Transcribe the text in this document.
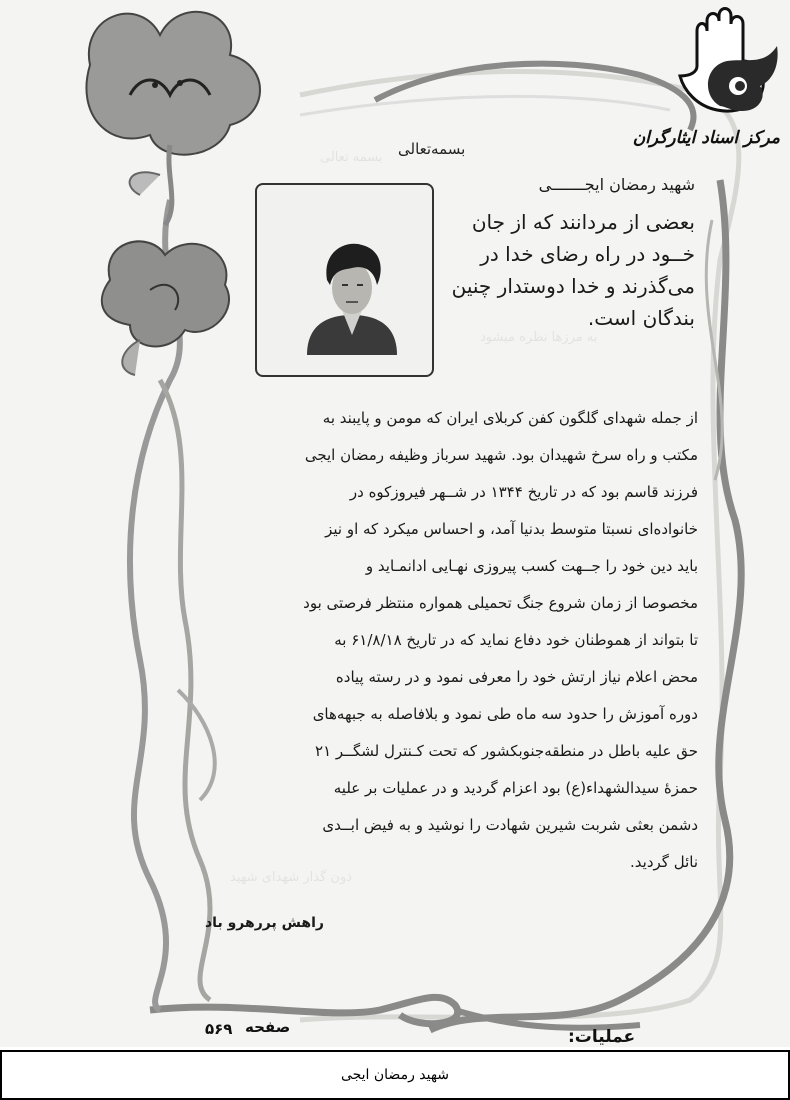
بسمه تعالی
به مرزها نظره میشود
ذون گذار شهدای شهید
مرکز اسناد ایثارگران
بسمه‌تعالی
شهید رمضان ایجـــــــی
بعضی از مردانند که از جان
خــود در راه رضای خدا در
می‌گذرند و خدا دوستدار چنین
بندگان است.
از جمله شهدای گلگون کفن کربلای ایران که مومن و پایبند به
مکتب و راه سرخ شهیدان بود. شهید سرباز وظیفه رمضان ایجی
فرزند قاسم بود که در تاریخ ۱۳۴۴ در شــهر فیروزکوه در
خانواده‌ای نسبتا متوسط بدنیا آمد، و احساس میکرد که او نیز
باید دین خود را جــهت کسب پیروزی نهـایی ادانمـاید و
مخصوصا از زمان شروع جنگ تحمیلی همواره منتظر فرصتی بود
تا بتواند از هموطنان خود دفاع نماید که در تاریخ ۶۱/۸/۱۸ به
محض اعلام نیاز ارتش خود را معرفی نمود و در رسته پیاده
دوره آموزش را حدود سه ماه طی نمود و بلافاصله به جبهه‌های
حق علیه باطل در منطقه‌جنوبکشور که تحت کـنترل لشگــر ۲۱
حمزهٔ سیدالشهداء(ع) بود اعزام گردید و در عملیات بر علیه
دشمن بعثی شربت شیرین شهادت را نوشید و به فیض ابــدی
نائل گردید.
راهش پررهرو باد
صفحه
۵۶۹	عملیات:
شهید رمضان ایجی
